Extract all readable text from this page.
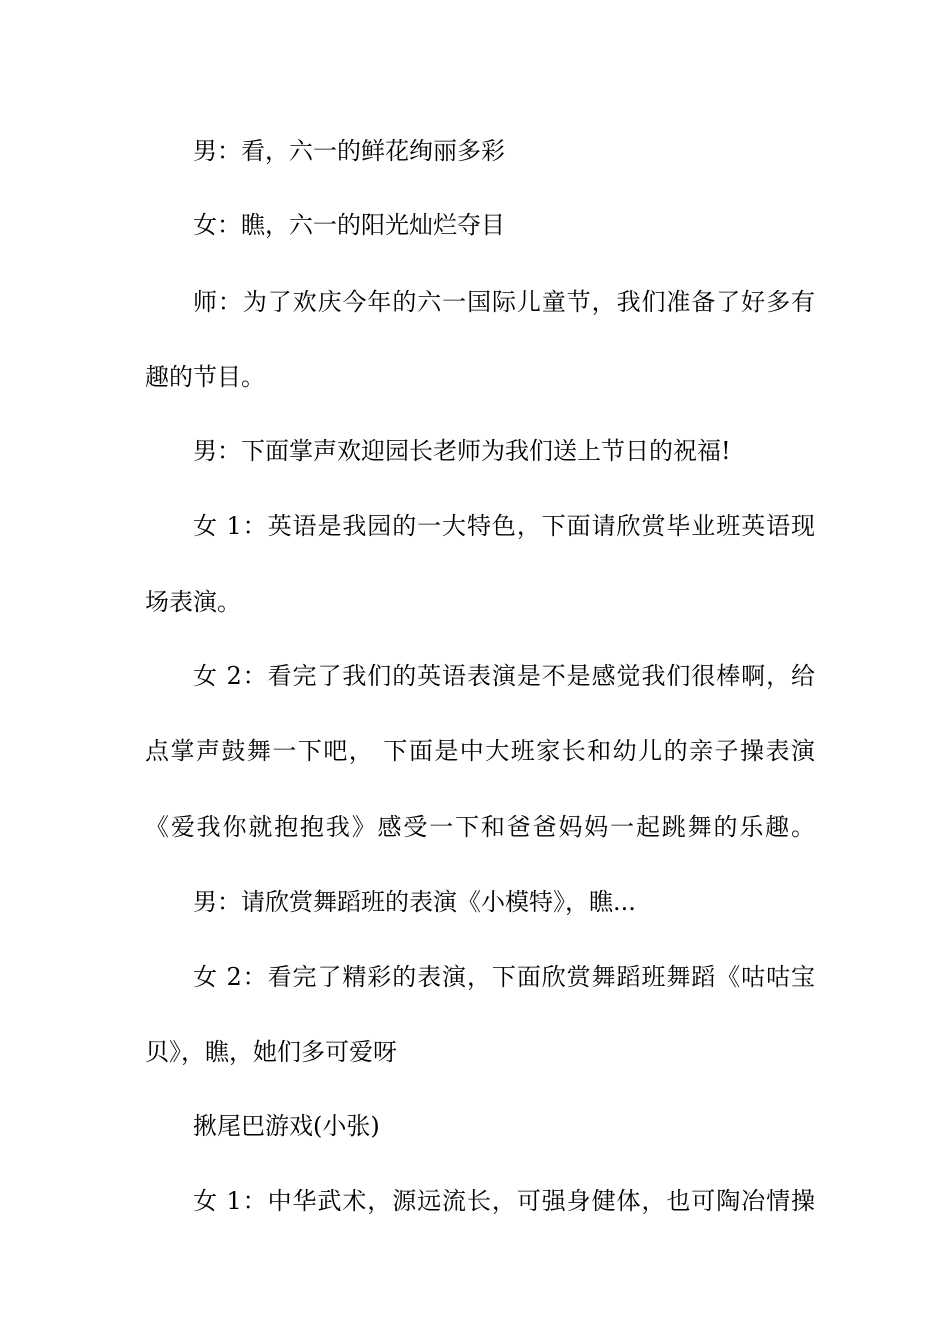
男：看，六一的鲜花绚丽多彩
女：瞧，六一的阳光灿烂夺目
师：为了欢庆今年的六一国际儿童节，我们准备了好多有
趣的节目。
男：下面掌声欢迎园长老师为我们送上节日的祝福!
女 1：英语是我园的一大特色，下面请欣赏毕业班英语现
场表演。
女 2：看完了我们的英语表演是不是感觉我们很棒啊，给
点掌声鼓舞一下吧， 下面是中大班家长和幼儿的亲子操表演
《爱我你就抱抱我》感受一下和爸爸妈妈一起跳舞的乐趣。
男：请欣赏舞蹈班的表演《小模特》，瞧...
女 2：看完了精彩的表演，下面欣赏舞蹈班舞蹈《咕咕宝
贝》，瞧，她们多可爱呀
揪尾巴游戏(小张)
女 1：中华武术，源远流长，可强身健体，也可陶冶情操
